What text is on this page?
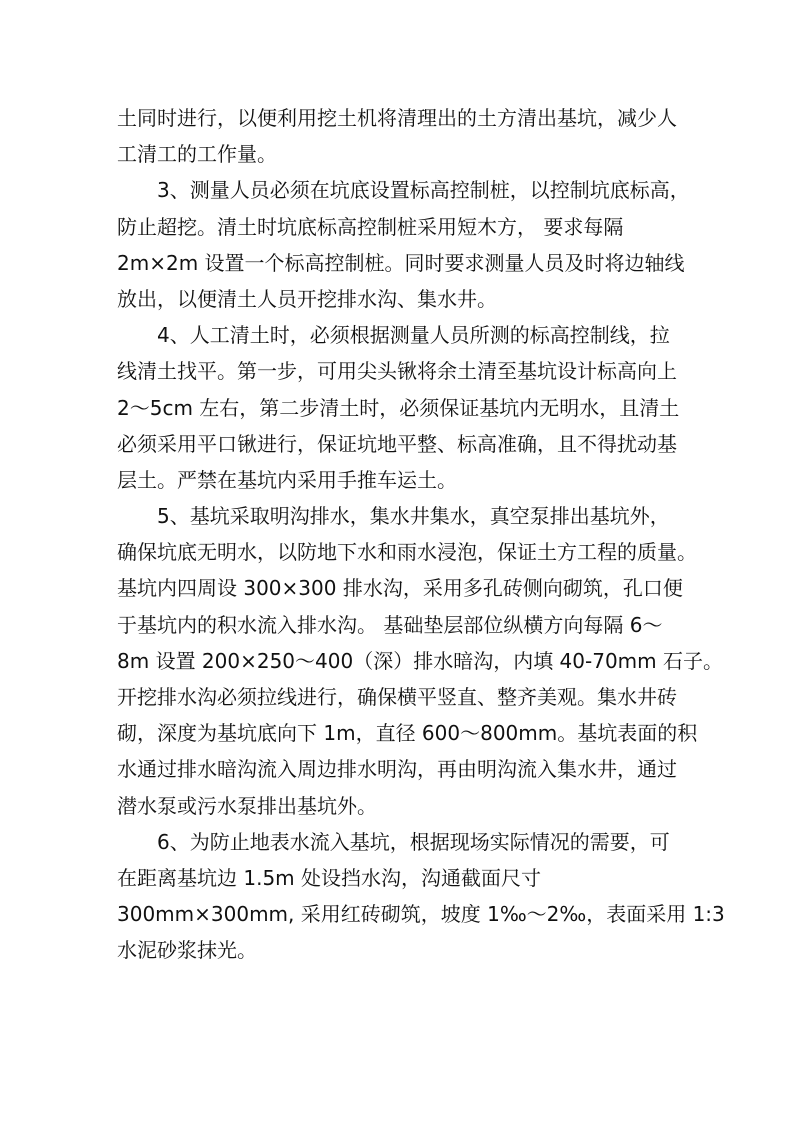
土同时进行，以便利用挖土机将清理出的土方清出基坑，减少人
工清工的工作量。
3、测量人员必须在坑底设置标高控制桩，以控制坑底标高，
防止超挖。清土时坑底标高控制桩采用短木方， 要求每隔
2m×2m 设置一个标高控制桩。同时要求测量人员及时将边轴线
放出，以便清土人员开挖排水沟、集水井。
4、人工清土时，必须根据测量人员所测的标高控制线，拉
线清土找平。第一步，可用尖头锹将余土清至基坑设计标高向上
2～5cm 左右，第二步清土时，必须保证基坑内无明水，且清土
必须采用平口锹进行，保证坑地平整、标高准确，且不得扰动基
层土。严禁在基坑内采用手推车运土。
5、基坑采取明沟排水，集水井集水，真空泵排出基坑外，
确保坑底无明水，以防地下水和雨水浸泡，保证土方工程的质量。
基坑内四周设 300×300 排水沟，采用多孔砖侧向砌筑，孔口便
于基坑内的积水流入排水沟。 基础垫层部位纵横方向每隔 6～
8m 设置 200×250～400（深）排水暗沟，内填 40-70mm 石子。
开挖排水沟必须拉线进行，确保横平竖直、整齐美观。集水井砖
砌，深度为基坑底向下 1m，直径 600～800mm。基坑表面的积
水通过排水暗沟流入周边排水明沟，再由明沟流入集水井，通过
潜水泵或污水泵排出基坑外。
6、为防止地表水流入基坑，根据现场实际情况的需要，可
在距离基坑边 1.5m 处设挡水沟，沟通截面尺寸
300mm×300mm, 采用红砖砌筑，坡度 1‰～2‰，表面采用 1:3
水泥砂浆抹光。
